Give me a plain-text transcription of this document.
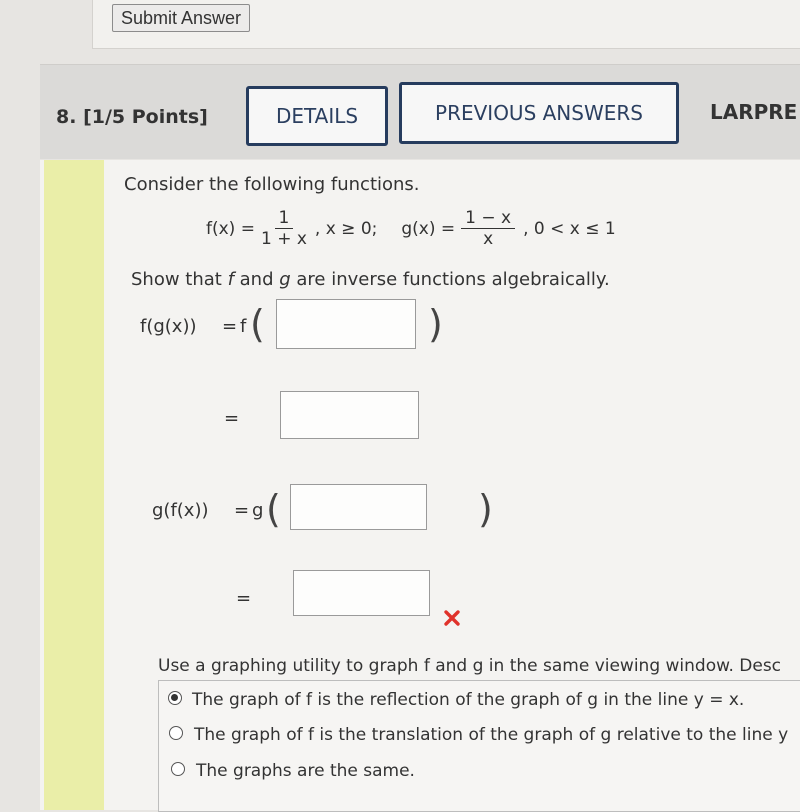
Submit Answer
8. [1/5 Points]	DETAILS	PREVIOUS ANSWERS	LARPRE
Consider the following functions.
$f(x) = \frac{1}{1 + x}$ , x ≥ 0; $g(x) = \frac{1 - x}{x}$ , 0 < x ≤ 1
Show that f and g are inverse functions algebraically.
f(g(x)) = f (	)
=
g(f(x)) = g (	)
=
Use a graphing utility to graph f and g in the same viewing window. Desc
The graph of f is the reflection of the graph of g in the line y = x.
The graph of f is the translation of the graph of g relative to the line y
The graphs are the same.
